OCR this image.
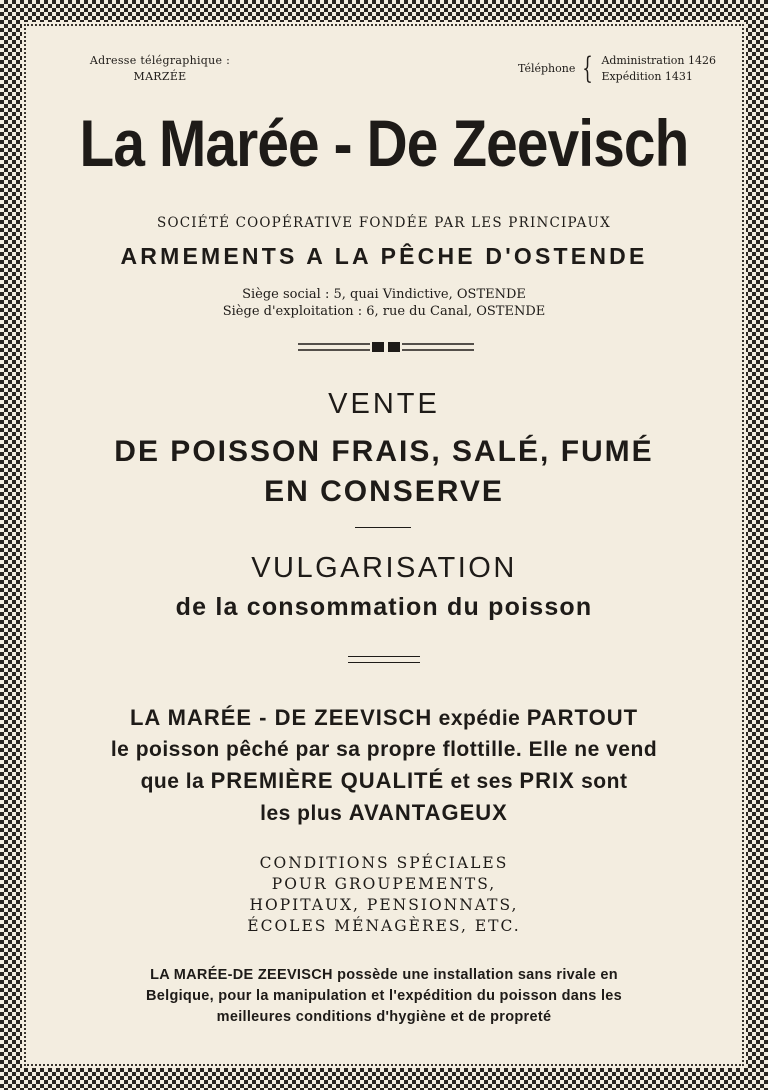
Adresse télégraphique :
MARZÉE
Téléphone { Administration 1426
Expédition 1431
La Marée - De Zeevisch
SOCIÉTÉ COOPÉRATIVE FONDÉE PAR LES PRINCIPAUX
ARMEMENTS A LA PÊCHE D'OSTENDE
Siège social : 5, quai Vindictive, OSTENDE
Siège d'exploitation : 6, rue du Canal, OSTENDE
VENTE
DE POISSON FRAIS, SALÉ, FUMÉ
EN CONSERVE
VULGARISATION
de la consommation du poisson
LA MARÉE - DE ZEEVISCH expédie PARTOUT
le poisson pêché par sa propre flottille. Elle ne vend
que la PREMIÈRE QUALITÉ et ses PRIX sont
les plus AVANTAGEUX
CONDITIONS SPÉCIALES
POUR GROUPEMENTS,
HOPITAUX, PENSIONNATS,
ÉCOLES MÉNAGÈRES, ETC.
LA MARÉE-DE ZEEVISCH possède une installation sans rivale en
Belgique, pour la manipulation et l'expédition du poisson dans les
meilleures conditions d'hygiène et de propreté
